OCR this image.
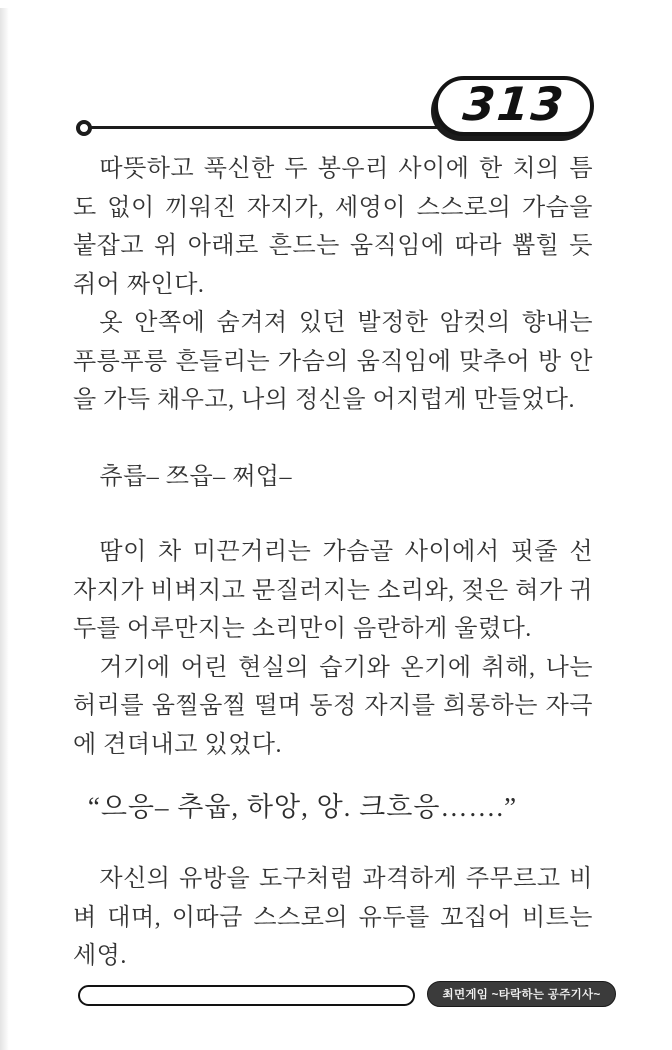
313

따뜻하고 푹신한 두 봉우리 사이에 한 치의 틈도 없이 끼워진 자지가, 세영이 스스로의 가슴을 붙잡고 위 아래로 흔드는 움직임에 따라 뽑힐 듯 쥐어 짜인다.

옷 안쪽에 숨겨져 있던 발정한 암컷의 향내는 푸릉푸릉 흔들리는 가슴의 움직임에 맞추어 방 안을 가득 채우고, 나의 정신을 어지럽게 만들었다.

츄릅– 쯔읍– 쩌업–

땀이 차 미끈거리는 가슴골 사이에서 핏줄 선 자지가 비벼지고 문질러지는 소리와, 젖은 혀가 귀두를 어루만지는 소리만이 음란하게 울렸다.

거기에 어린 현실의 습기와 온기에 취해, 나는 허리를 움찔움찔 떨며 동정 자지를 희롱하는 자극에 견뎌내고 있었다.

“으응– 추웁, 하앙, 앙. 크흐응…….”

자신의 유방을 도구처럼 과격하게 주무르고 비벼 대며, 이따금 스스로의 유두를 꼬집어 비트는 세영.

최면게임 ~타락하는 공주기사~
